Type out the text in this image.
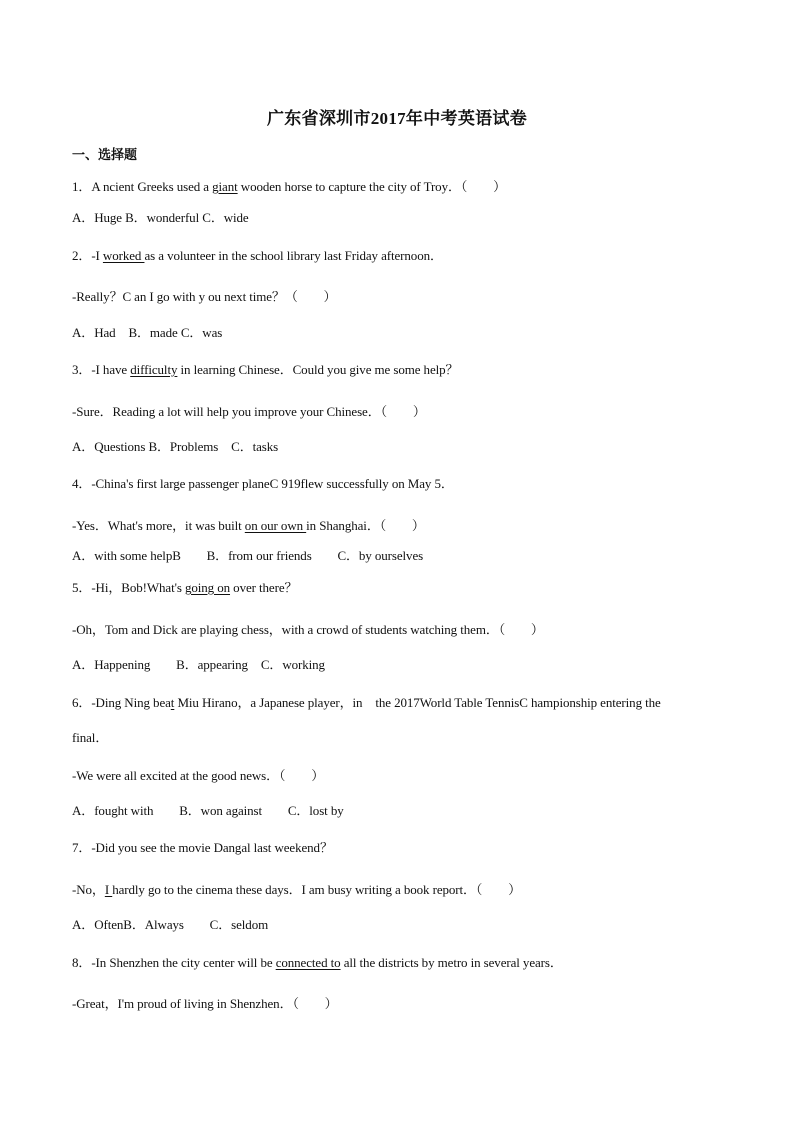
广东省深圳市2017年中考英语试卷
一、选择题
1．A ncient Greeks used a giant wooden horse to capture the city of Troy．（　　）
A．Huge B．wonderful C．wide
2．-I worked as a volunteer in the school library last Friday afternoon．
-Really？C an I go with y ou next time？（　　）
A．Had　B．made C．was
3．-I have difficulty in learning Chinese．Could you give me some help？
-Sure．Reading a lot will help you improve your Chinese．（　　）
A．Questions B．Problems　C．tasks
4．-China's first large passenger planeC 919flew successfully on May 5．
-Yes．What's more，it was built on our own in Shanghai．（　　）
A．with some helpB　　B．from our friends　　C．by ourselves
5．-Hi，Bob!What's going on over there？
-Oh，Tom and Dick are playing chess，with a crowd of students watching them．（　　）
A．Happening　　B．appearing　C．working
6．-Ding Ning beat Miu Hirano，a Japanese player，in　the 2017World Table TennisC hampionship entering the
final．
-We were all excited at the good news．（　　）
A．fought with　　B．won against　　C．lost by
7．-Did you see the movie Dangal last weekend？
-No，I hardly go to the cinema these days．I am busy writing a book report．（　　）
A．OftenB．Always　　C．seldom
8．-In Shenzhen the city center will be connected to all the districts by metro in several years．
-Great，I'm proud of living in Shenzhen．（　　）
